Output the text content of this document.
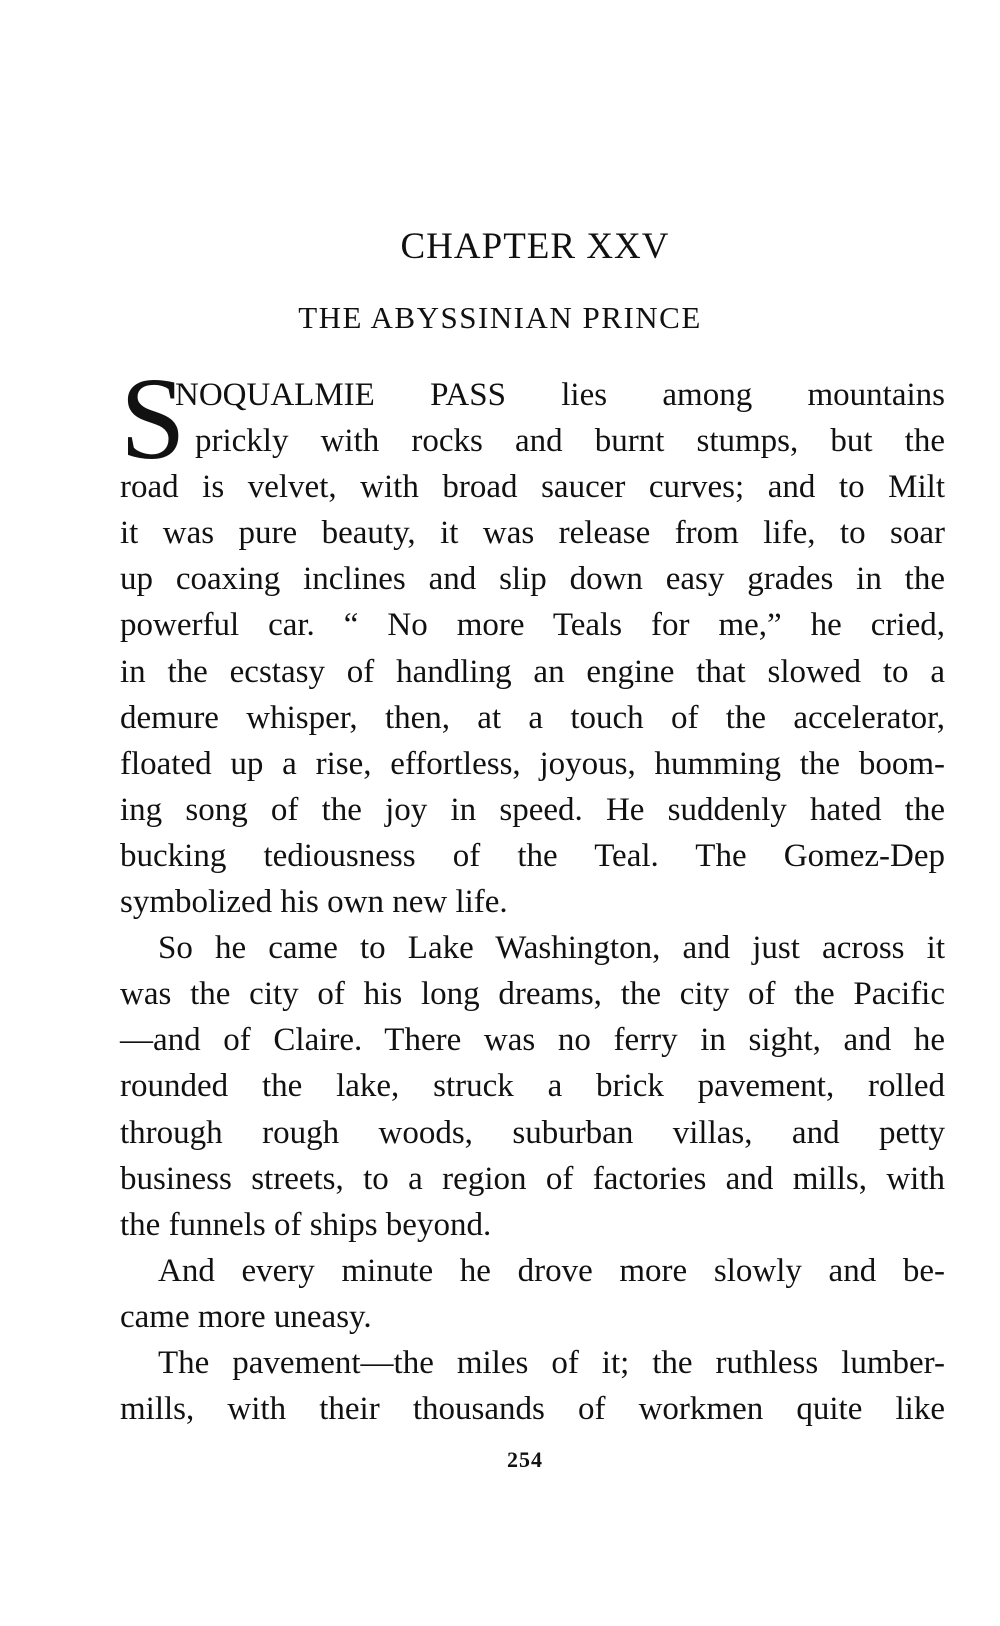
CHAPTER XXV
THE ABYSSINIAN PRINCE
S
NOQUALMIE PASS lies among mountains
prickly with rocks and burnt stumps, but the
road is velvet, with broad saucer curves; and to Milt
it was pure beauty, it was release from life, to soar
up coaxing inclines and slip down easy grades in the
powerful car. “ No more Teals for me,” he cried,
in the ecstasy of handling an engine that slowed to a
demure whisper, then, at a touch of the accelerator,
floated up a rise, effortless, joyous, humming the boom-
ing song of the joy in speed. He suddenly hated the
bucking tediousness of the Teal. The Gomez-Dep
symbolized his own new life.
So he came to Lake Washington, and just across it
was the city of his long dreams, the city of the Pacific
—and of Claire. There was no ferry in sight, and he
rounded the lake, struck a brick pavement, rolled
through rough woods, suburban villas, and petty
business streets, to a region of factories and mills, with
the funnels of ships beyond.
And every minute he drove more slowly and be-
came more uneasy.
The pavement—the miles of it; the ruthless lumber-
mills, with their thousands of workmen quite like
254
